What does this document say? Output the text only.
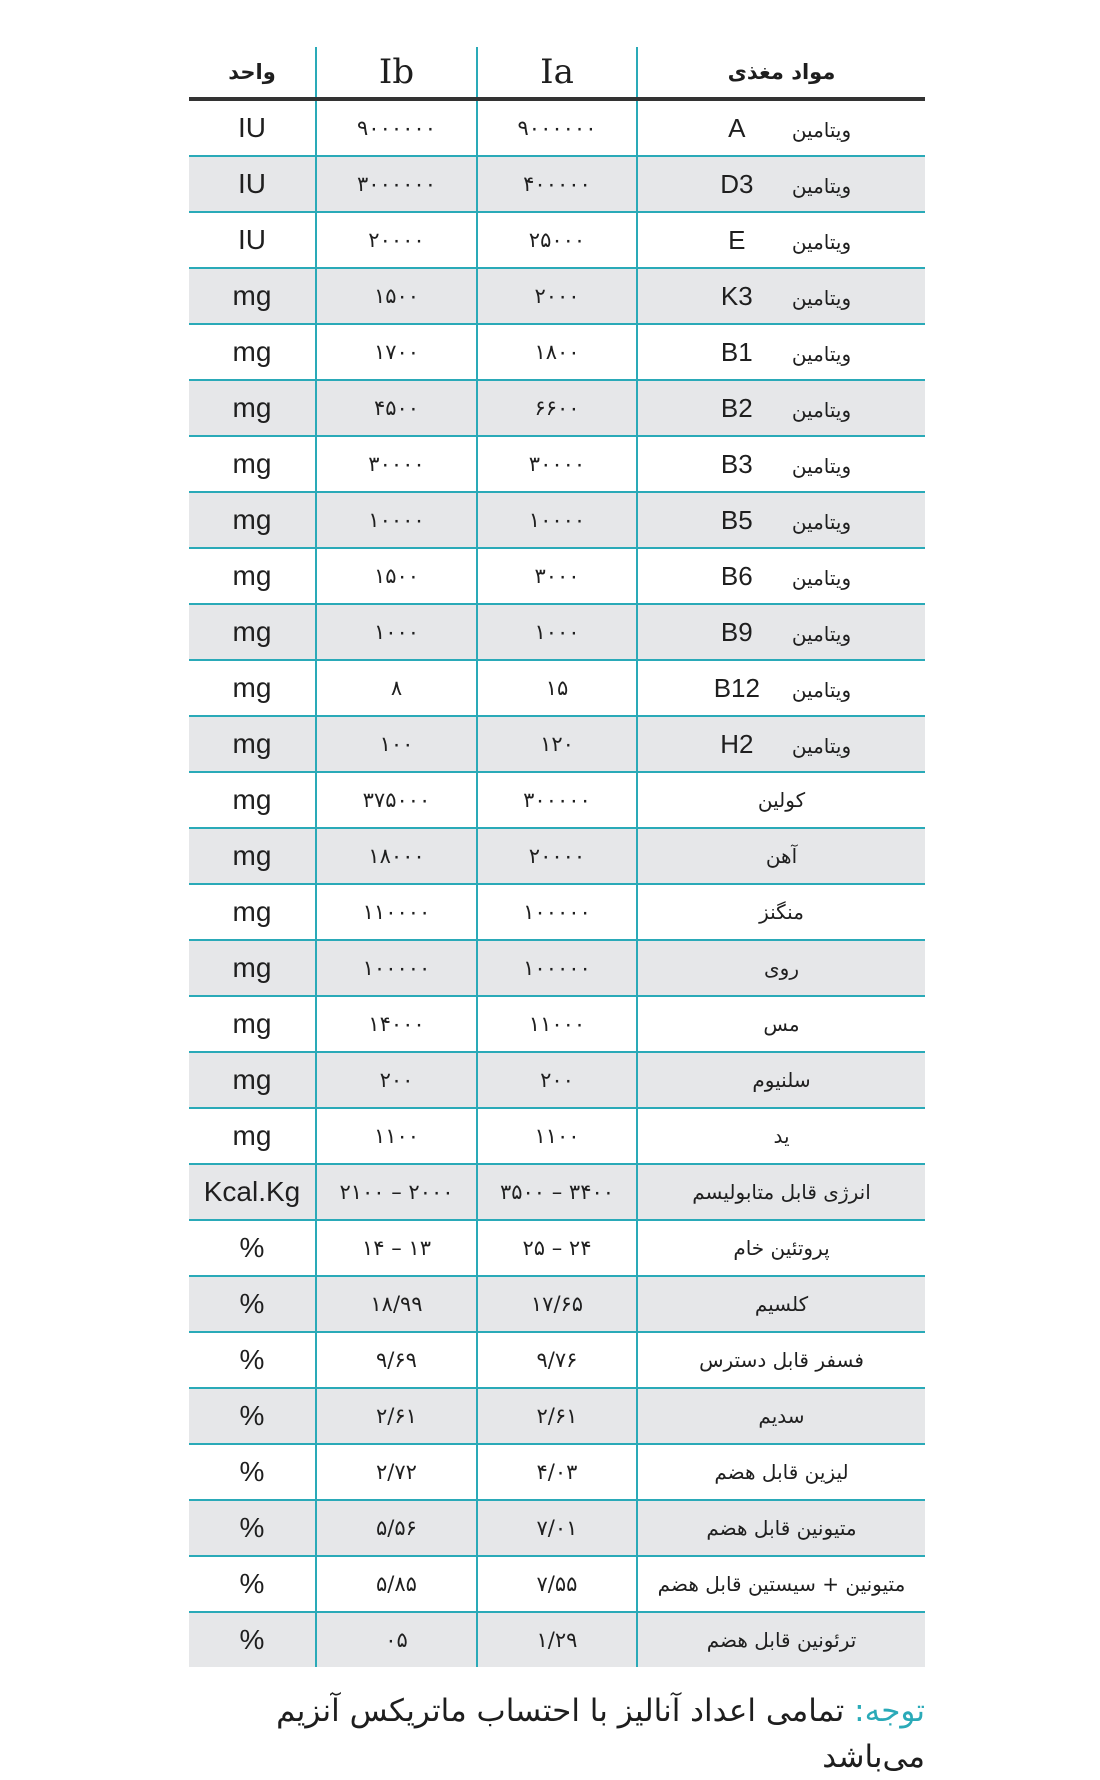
مواد مغذی	Ia	Ib	واحد
ویتامینA	۹۰۰۰۰۰۰	۹۰۰۰۰۰۰	IU
ویتامینD3	۴۰۰۰۰۰	۳۰۰۰۰۰۰	IU
ویتامینE	۲۵۰۰۰	۲۰۰۰۰	IU
ویتامینK3	۲۰۰۰	۱۵۰۰	mg
ویتامینB1	۱۸۰۰	۱۷۰۰	mg
ویتامینB2	۶۶۰۰	۴۵۰۰	mg
ویتامینB3	۳۰۰۰۰	۳۰۰۰۰	mg
ویتامینB5	۱۰۰۰۰	۱۰۰۰۰	mg
ویتامینB6	۳۰۰۰	۱۵۰۰	mg
ویتامینB9	۱۰۰۰	۱۰۰۰	mg
ویتامینB12	۱۵	۸	mg
ویتامینH2	۱۲۰	۱۰۰	mg
کولین	۳۰۰۰۰۰	۳۷۵۰۰۰	mg
آهن	۲۰۰۰۰	۱۸۰۰۰	mg
منگنز	۱۰۰۰۰۰	۱۱۰۰۰۰	mg
روی	۱۰۰۰۰۰	۱۰۰۰۰۰	mg
مس	۱۱۰۰۰	۱۴۰۰۰	mg
سلنیوم	۲۰۰	۲۰۰	mg
ید	۱۱۰۰	۱۱۰۰	mg
انرژی قابل متابولیسم	۳۴۰۰ – ۳۵۰۰	۲۰۰۰ – ۲۱۰۰	Kcal.Kg
پروتئین خام	۲۴ – ۲۵	۱۳ – ۱۴	%
کلسیم	۱۷/۶۵	۱۸/۹۹	%
فسفر قابل دسترس	۹/۷۶	۹/۶۹	%
سدیم	۲/۶۱	۲/۶۱	%
لیزین قابل هضم	۴/۰۳	۲/۷۲	%
متیونین قابل هضم	۷/۰۱	۵/۵۶	%
متیونین + سیستین قابل هضم	۷/۵۵	۵/۸۵	%
ترئونین قابل هضم	۱/۲۹	۰۵	%
توجه: تمامی اعداد آنالیز با احتساب ماتریکس آنزیم می‌باشد
